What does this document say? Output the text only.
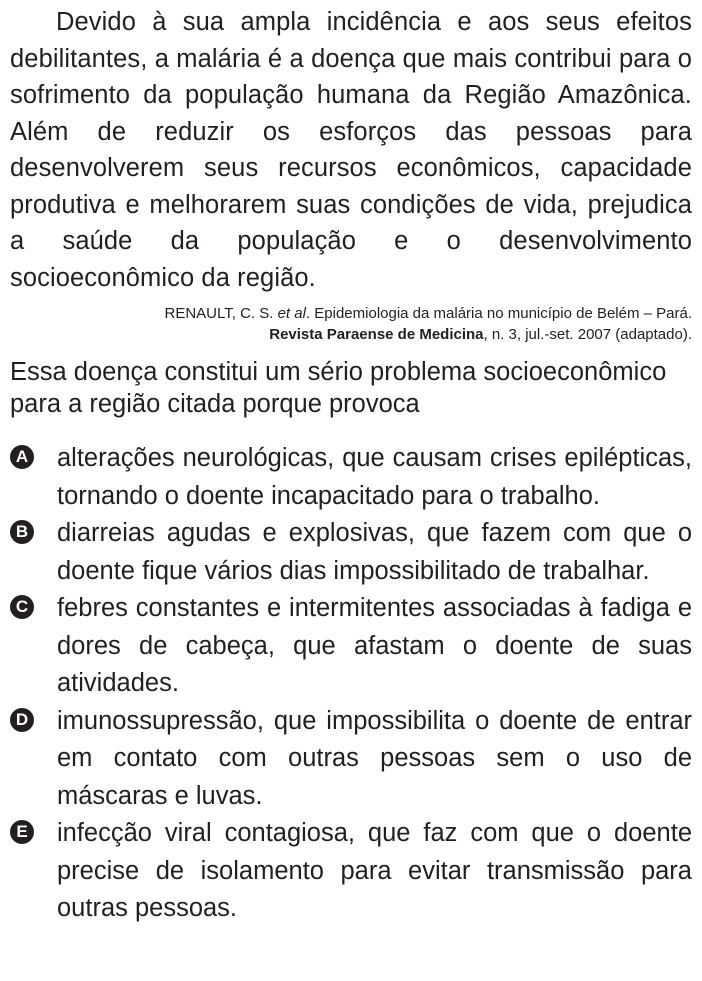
Devido à sua ampla incidência e aos seus efeitos debilitantes, a malária é a doença que mais contribui para o sofrimento da população humana da Região Amazônica. Além de reduzir os esforços das pessoas para desenvolverem seus recursos econômicos, capacidade produtiva e melhorarem suas condições de vida, prejudica a saúde da população e o desenvolvimento socioeconômico da região.

RENAULT, C. S. et al. Epidemiologia da malária no município de Belém – Pará.
Revista Paraense de Medicina, n. 3, jul.-set. 2007 (adaptado).

Essa doença constitui um sério problema socioeconômico para a região citada porque provoca

A alterações neurológicas, que causam crises epilépticas, tornando o doente incapacitado para o trabalho.
B diarreias agudas e explosivas, que fazem com que o doente fique vários dias impossibilitado de trabalhar.
C febres constantes e intermitentes associadas à fadiga e dores de cabeça, que afastam o doente de suas atividades.
D imunossupressão, que impossibilita o doente de entrar em contato com outras pessoas sem o uso de máscaras e luvas.
E infecção viral contagiosa, que faz com que o doente precise de isolamento para evitar transmissão para outras pessoas.
